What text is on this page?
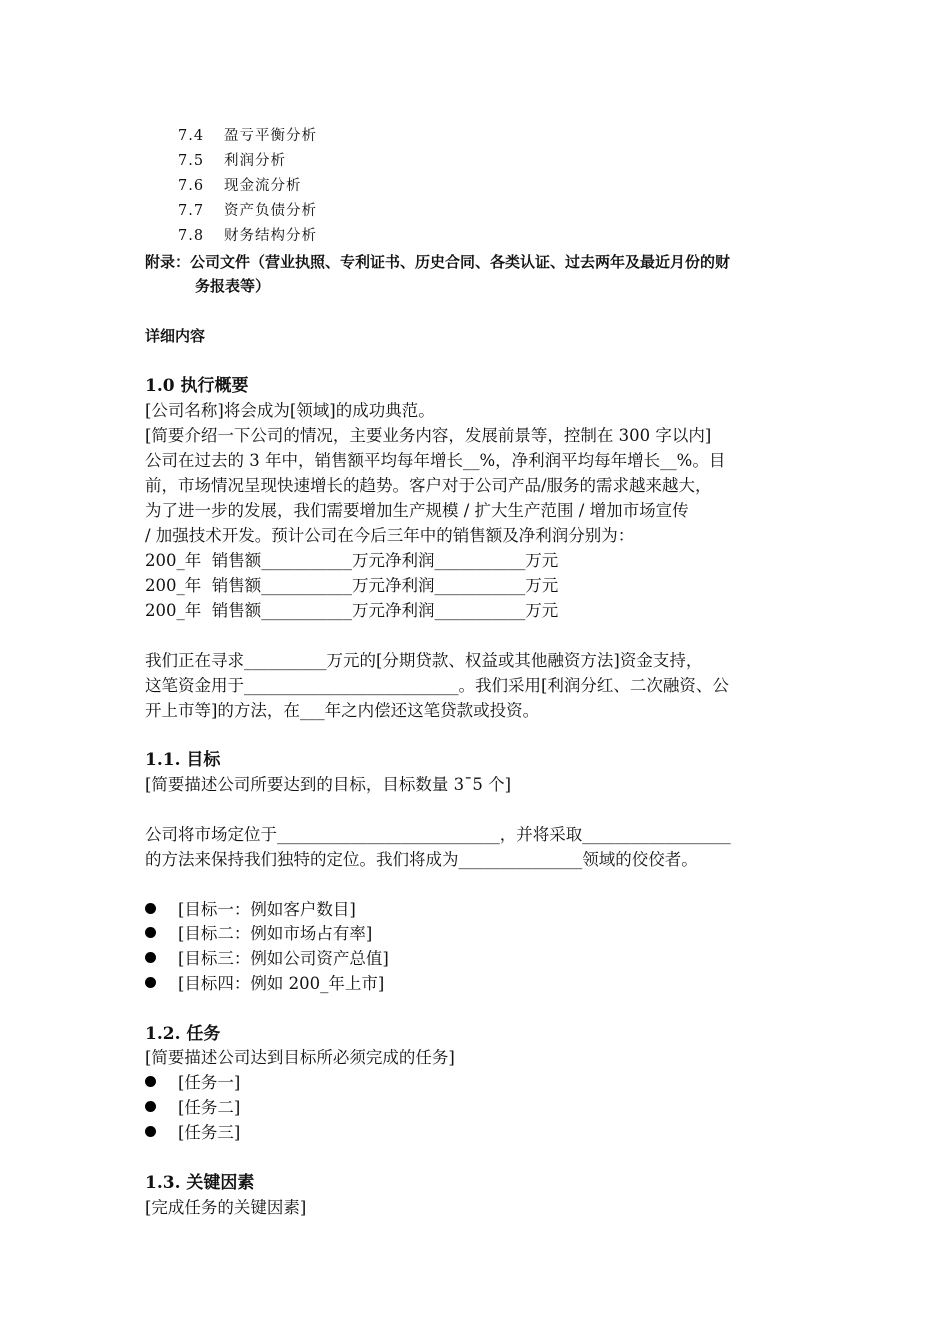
7.4 盈亏平衡分析
7.5 利润分析
7.6 现金流分析
7.7 资产负债分析
7.8 财务结构分析
附录：公司文件（营业执照、专利证书、历史合同、各类认证、过去两年及最近月份的财
务报表等）
详细内容
1.0 执行概要
[公司名称]将会成为[领域]的成功典范。
[简要介绍一下公司的情况，主要业务内容，发展前景等，控制在 300 字以内]
公司在过去的 3 年中，销售额平均每年增长__%，净利润平均每年增长__%。目
前，市场情况呈现快速增长的趋势。客户对于公司产品/服务的需求越来越大，
为了进一步的发展，我们需要增加生产规模 / 扩大生产范围 / 增加市场宣传
/ 加强技术开发。预计公司在今后三年中的销售额及净利润分别为：
200_年  销售额___________万元净利润___________万元
200_年  销售额___________万元净利润___________万元
200_年  销售额___________万元净利润___________万元
我们正在寻求__________万元的[分期贷款、权益或其他融资方法]资金支持，
这笔资金用于__________________________。我们采用[利润分红、二次融资、公
开上市等]的方法，在___年之内偿还这笔贷款或投资。
1.1. 目标
[简要描述公司所要达到的目标，目标数量 3¯5 个]
公司将市场定位于___________________________，并将采取__________________
的方法来保持我们独特的定位。我们将成为_______________领域的佼佼者。
[目标一：例如客户数目]
[目标二：例如市场占有率]
[目标三：例如公司资产总值]
[目标四：例如 200_年上市]
1.2. 任务
[简要描述公司达到目标所必须完成的任务]
[任务一]
[任务二]
[任务三]
1.3. 关键因素
[完成任务的关键因素]
